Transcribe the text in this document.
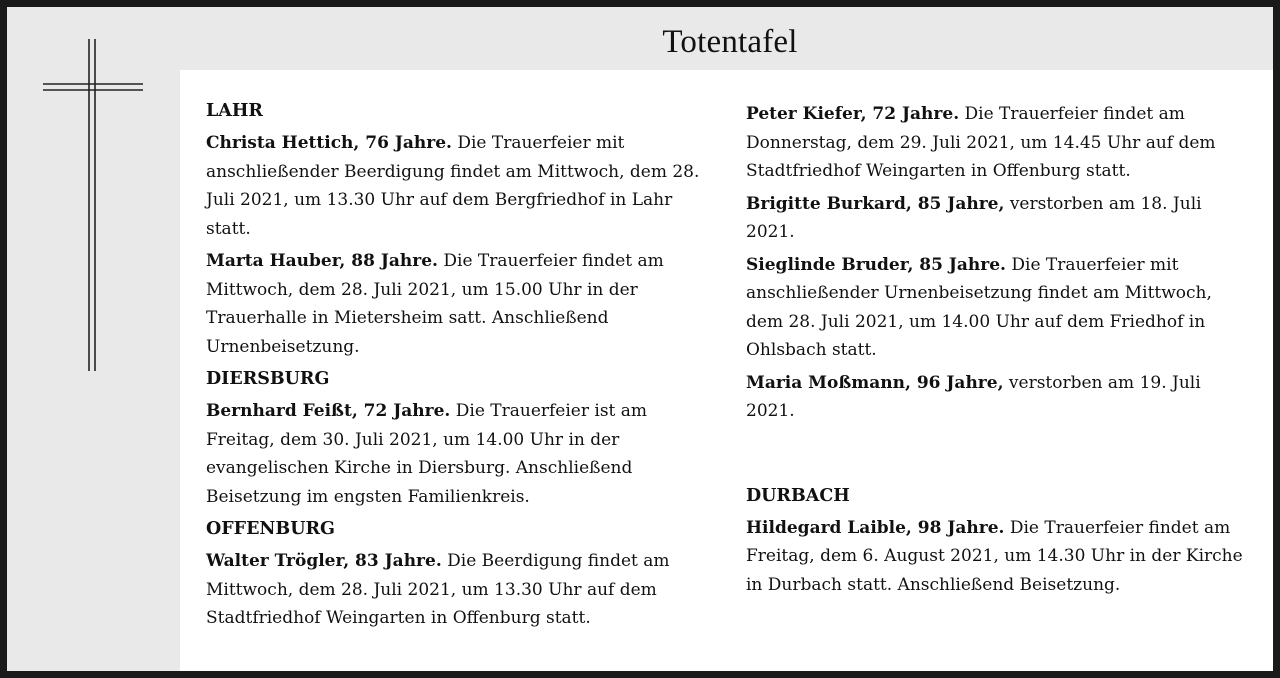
Totentafel
LAHR

Christa Hettich, 76 Jahre. Die Trauerfeier mit anschließender Beerdigung findet am Mittwoch, dem 28. Juli 2021, um 13.30 Uhr auf dem Bergfriedhof in Lahr statt.

Marta Hauber, 88 Jahre. Die Trauerfeier findet am Mittwoch, dem 28. Juli 2021, um 15.00 Uhr in der Trauerhalle in Mietersheim satt. Anschließend Urnenbeisetzung.

DIERSBURG

Bernhard Feißt, 72 Jahre. Die Trauerfeier ist am Freitag, dem 30. Juli 2021, um 14.00 Uhr in der evangelischen Kirche in Diersburg. Anschließend Beisetzung im engsten Familienkreis.

OFFENBURG

Walter Trögler, 83 Jahre. Die Beerdigung findet am Mittwoch, dem 28. Juli 2021, um 13.30 Uhr auf dem Stadtfriedhof Weingarten in Offenburg statt.

Peter Kiefer, 72 Jahre. Die Trauerfeier findet am Donnerstag, dem 29. Juli 2021, um 14.45 Uhr auf dem Stadtfriedhof Weingarten in Offenburg statt.

Brigitte Burkard, 85 Jahre, verstorben am 18. Juli 2021.

Sieglinde Bruder, 85 Jahre. Die Trauerfeier mit anschließender Urnenbeisetzung findet am Mittwoch, dem 28. Juli 2021, um 14.00 Uhr auf dem Friedhof in Ohlsbach statt.

Maria Moßmann, 96 Jahre, verstorben am 19. Juli 2021.

DURBACH

Hildegard Laible, 98 Jahre. Die Trauerfeier findet am Freitag, dem 6. August 2021, um 14.30 Uhr in der Kirche in Durbach statt. Anschließend Beisetzung.
